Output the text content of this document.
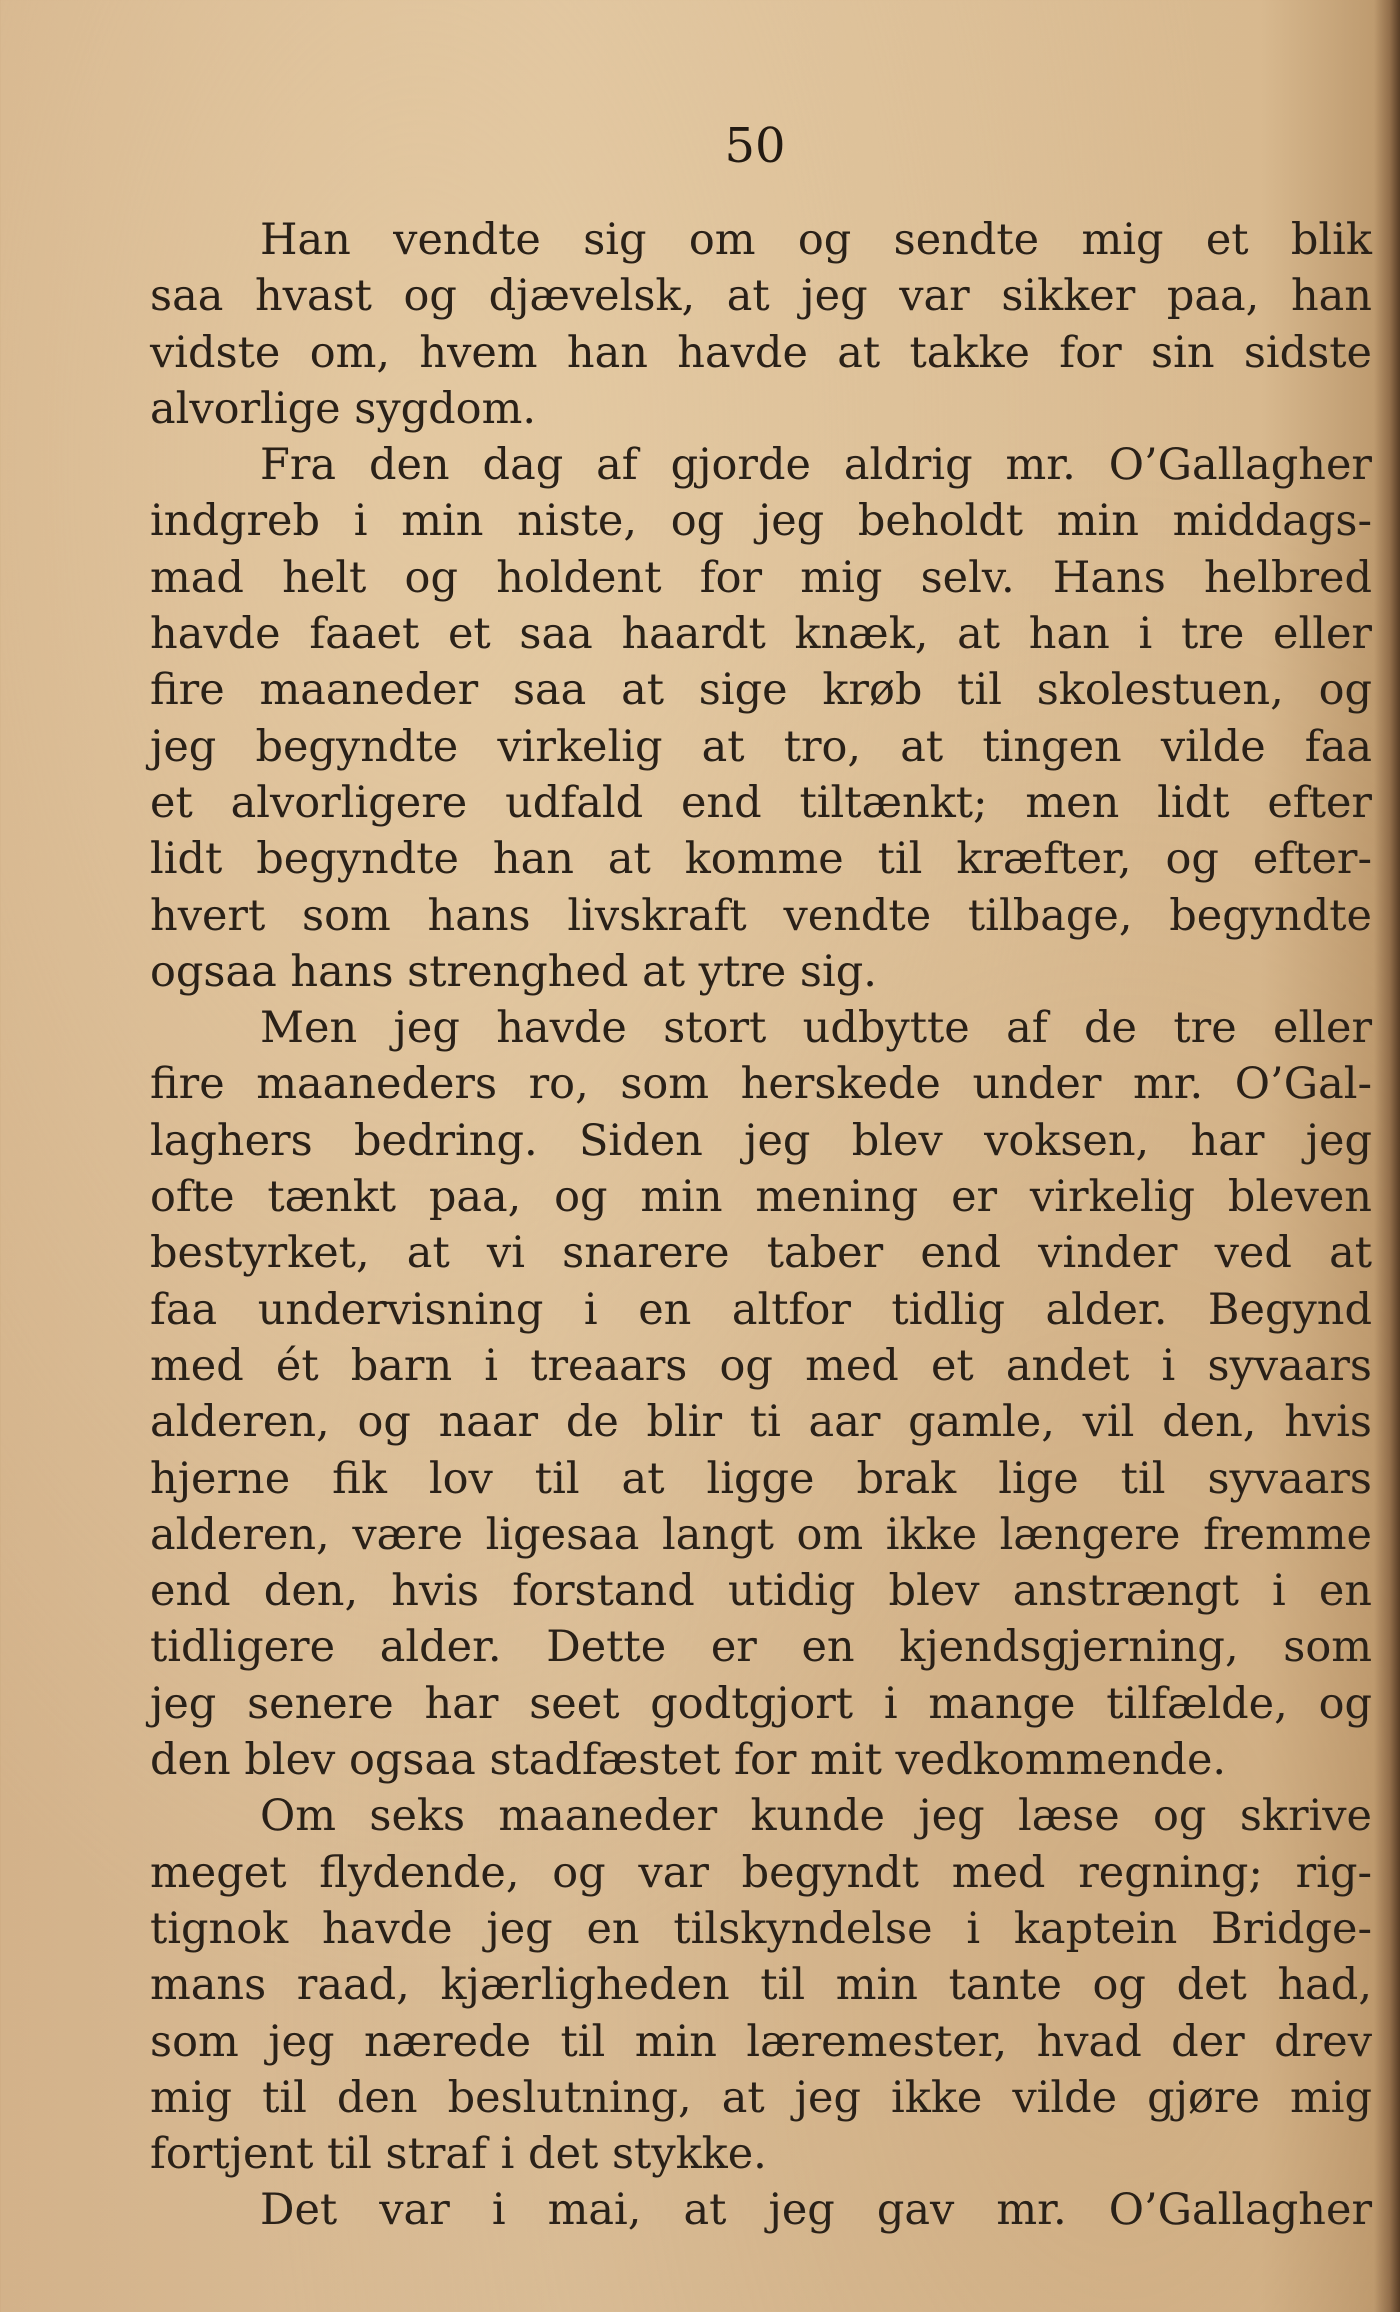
50
Han vendte sig om og sendte mig et blik
saa hvast og djævelsk, at jeg var sikker paa, han
vidste om, hvem han havde at takke for sin sidste
alvorlige sygdom.
Fra den dag af gjorde aldrig mr. O’Gallagher
indgreb i min niste, og jeg beholdt min middags-
mad helt og holdent for mig selv. Hans helbred
havde faaet et saa haardt knæk, at han i tre eller
fire maaneder saa at sige krøb til skolestuen, og
jeg begyndte virkelig at tro, at tingen vilde faa
et alvorligere udfald end tiltænkt; men lidt efter
lidt begyndte han at komme til kræfter, og efter-
hvert som hans livskraft vendte tilbage, begyndte
ogsaa hans strenghed at ytre sig.
Men jeg havde stort udbytte af de tre eller
fire maaneders ro, som herskede under mr. O’Gal-
laghers bedring. Siden jeg blev voksen, har jeg
ofte tænkt paa, og min mening er virkelig bleven
bestyrket, at vi snarere taber end vinder ved at
faa undervisning i en altfor tidlig alder. Begynd
med ét barn i treaars og med et andet i syvaars
alderen, og naar de blir ti aar gamle, vil den, hvis
hjerne fik lov til at ligge brak lige til syvaars
alderen, være ligesaa langt om ikke længere fremme
end den, hvis forstand utidig blev anstrængt i en
tidligere alder. Dette er en kjendsgjerning, som
jeg senere har seet godtgjort i mange tilfælde, og
den blev ogsaa stadfæstet for mit vedkommende.
Om seks maaneder kunde jeg læse og skrive
meget flydende, og var begyndt med regning; rig-
tignok havde jeg en tilskyndelse i kaptein Bridge-
mans raad, kjærligheden til min tante og det had,
som jeg nærede til min læremester, hvad der drev
mig til den beslutning, at jeg ikke vilde gjøre mig
fortjent til straf i det stykke.
Det var i mai, at jeg gav mr. O’Gallagher
